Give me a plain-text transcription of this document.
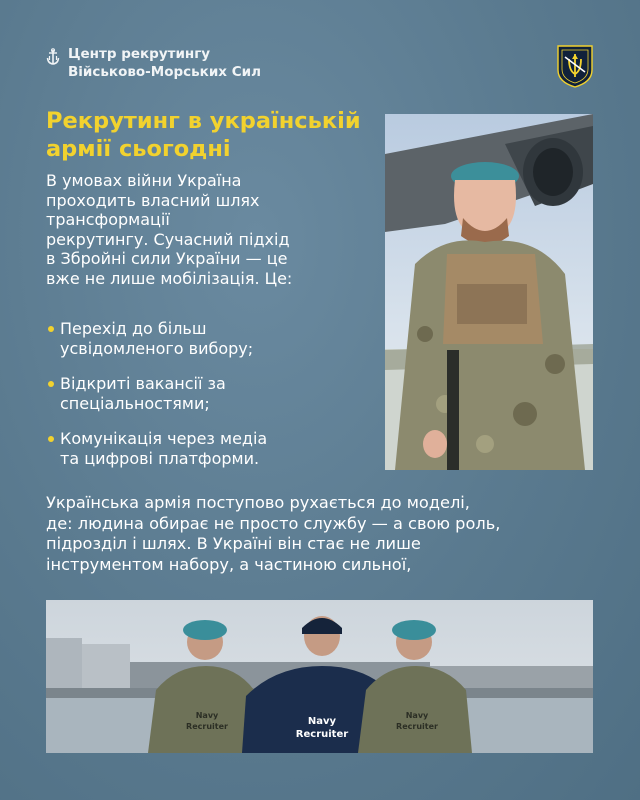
Центр рекрутингу
Військово-Морських Сил
Рекрутинг в українській
армії сьогодні

В умовах війни Україна
проходить власний шлях
трансформації
рекрутингу. Сучасний підхід
в Збройні сили України — це
вже не лише мобілізація. Це:

Перехід до більш
усвідомленого вибору;
Відкриті вакансії за
спеціальностями;
Комунікація через медіа
та цифрові платформи.

Українська армія поступово рухається до моделі,
де: людина обирає не просто службу — а свою роль,
підрозділ і шлях. В Україні він стає не лише
інструментом набору, а частиною сильної,

Navy
Recruiter
Navy
Recruiter
Navy
Recruiter
